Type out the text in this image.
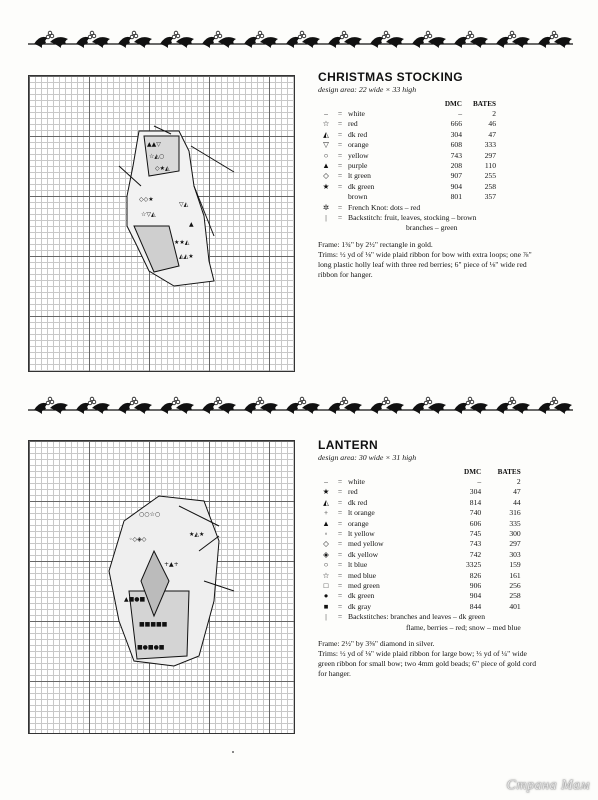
▲▲▽
☆◭○
◇★◭
◇◇★
☆▽◭
▽◭
★★◭
◭◭★
▲
○○☆○
◦◇◈◇
+▲+
▲■●■
■■■■■
■●■●■
★◭★
CHRISTMAS STOCKING
design area: 22 wide × 33 high
			DMC	BATES
–	=	white	–	2
☆	=	red	666	46
◭	=	dk red	304	47
▽	=	orange	608	333
○	=	yellow	743	297
▲	=	purple	208	110
◇	=	lt green	907	255
★	=	dk green	904	258
		brown	801	357
✲	=	French Knot: dots – red		
|	=	Backstitch: fruit, leaves, stocking – brown		
		branches – green		

Frame: 1¾" by 2½" rectangle in gold.

Trims: ½ yd of ⅛" wide plaid ribbon for bow with extra loops; one ⅞" long plastic holly leaf with three red berries; 6" piece of ⅛" wide red ribbon for hanger.

LANTERN
design area: 30 wide × 31 high
			DMC	BATES
–	=	white	–	2
★	=	red	304	47
◭	=	dk red	814	44
+	=	lt orange	740	316
▲	=	orange	606	335
◦	=	lt yellow	745	300
◇	=	med yellow	743	297
◈	=	dk yellow	742	303
○	=	lt blue	3325	159
☆	=	med blue	826	161
□	=	med green	906	256
●	=	dk green	904	258
■	=	dk gray	844	401
|	=	Backstitches: branches and leaves – dk green		
		flame, berries – red; snow – med blue		

Frame: 2½" by 3⅜" diamond in silver.

Trims: ½ yd of ⅛" wide plaid ribbon for large bow; ⅓ yd of ¼" wide green ribbon for small bow; two 4mm gold beads; 6" piece of gold cord for hanger.

Страна Мам
